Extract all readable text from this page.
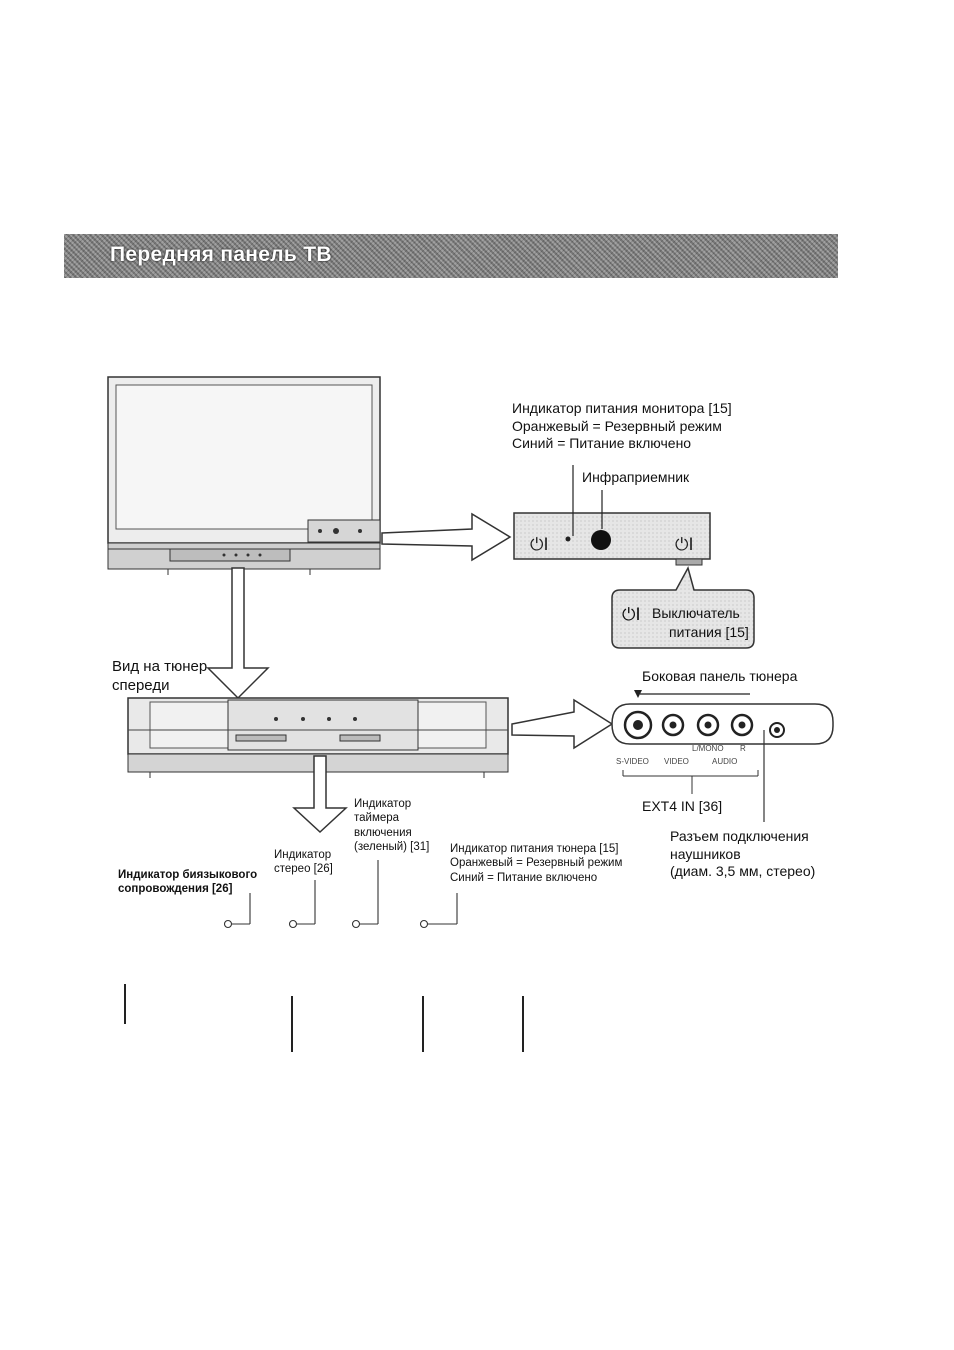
Передняя панель ТВ
⏻I	⏻I
⏻I
Индикатор питания монитора [15]
Оранжевый = Резервный режим
Синий = Питание включено
Инфраприемник
Выключатель
питания [15]
Вид на тюнер
спереди
Боковая панель тюнера
S-VIDEO VIDEO
L/MONO R
AUDIO
EXT4 IN [36]
Разъем подключения
наушников
(диам. 3,5 мм, стерео)
Индикатор биязыкового
сопровождения [26]
Индикатор
стерео [26]
Индикатор
таймера
включения
(зеленый) [31] Индикатор питания тюнера [15]
Оранжевый = Резервный режим
Синий = Питание включено
